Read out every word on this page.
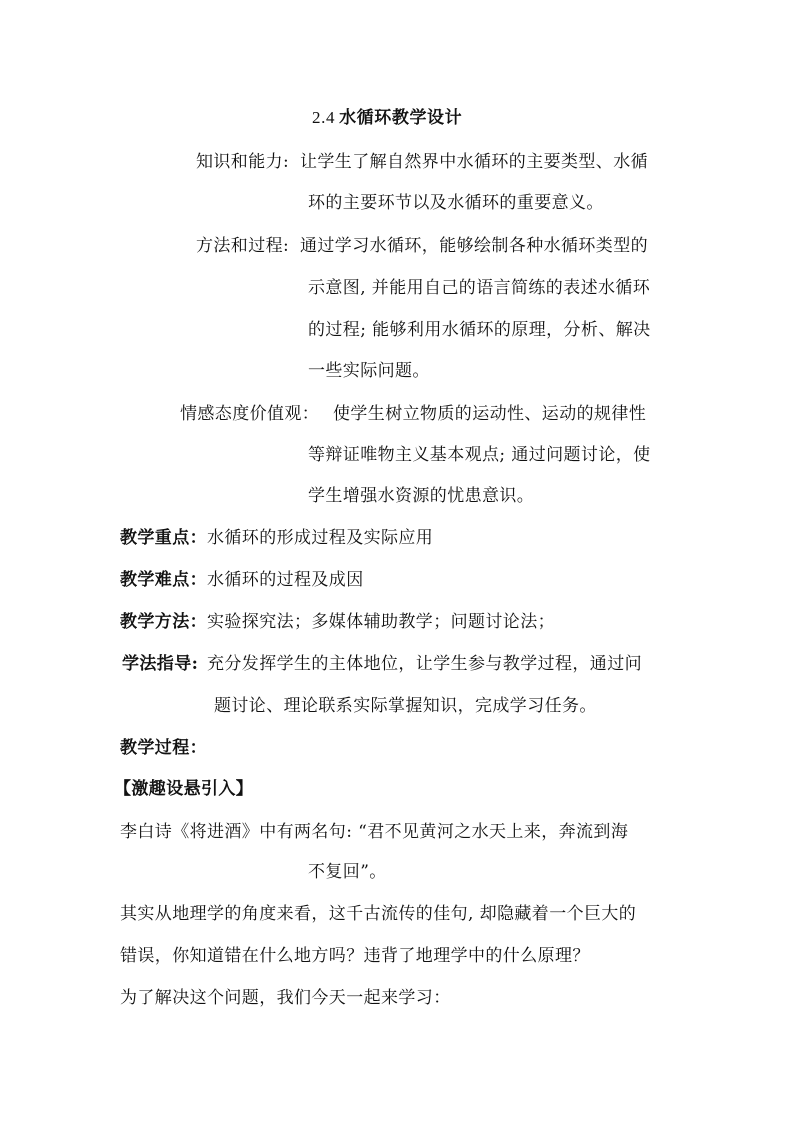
2.4 水循环教学设计
知识和能力: 让学生了解自然界中水循环的主要类型、水循
环的主要环节以及水循环的重要意义。
方法和过程: 通过学习水循环，能够绘制各种水循环类型的
示意图, 并能用自己的语言简练的表述水循环
的过程; 能够利用水循环的原理，分析、解决
一些实际问题。
情感态度价值观： 使学生树立物质的运动性、运动的规律性
等辩证唯物主义基本观点; 通过问题讨论，使
学生增强水资源的忧患意识。
教学重点：水循环的形成过程及实际应用
教学难点：水循环的过程及成因
教学方法：实验探究法；多媒体辅助教学；问题讨论法；
学法指导: 充分发挥学生的主体地位，让学生参与教学过程，通过问
题讨论、理论联系实际掌握知识，完成学习任务。
教学过程：
【激趣设悬引入】
李白诗《将进酒》中有两名句: “君不见黄河之水天上来，奔流到海
不复回”。
其实从地理学的角度来看，这千古流传的佳句, 却隐藏着一个巨大的
错误，你知道错在什么地方吗？违背了地理学中的什么原理？
为了解决这个问题，我们今天一起来学习：
